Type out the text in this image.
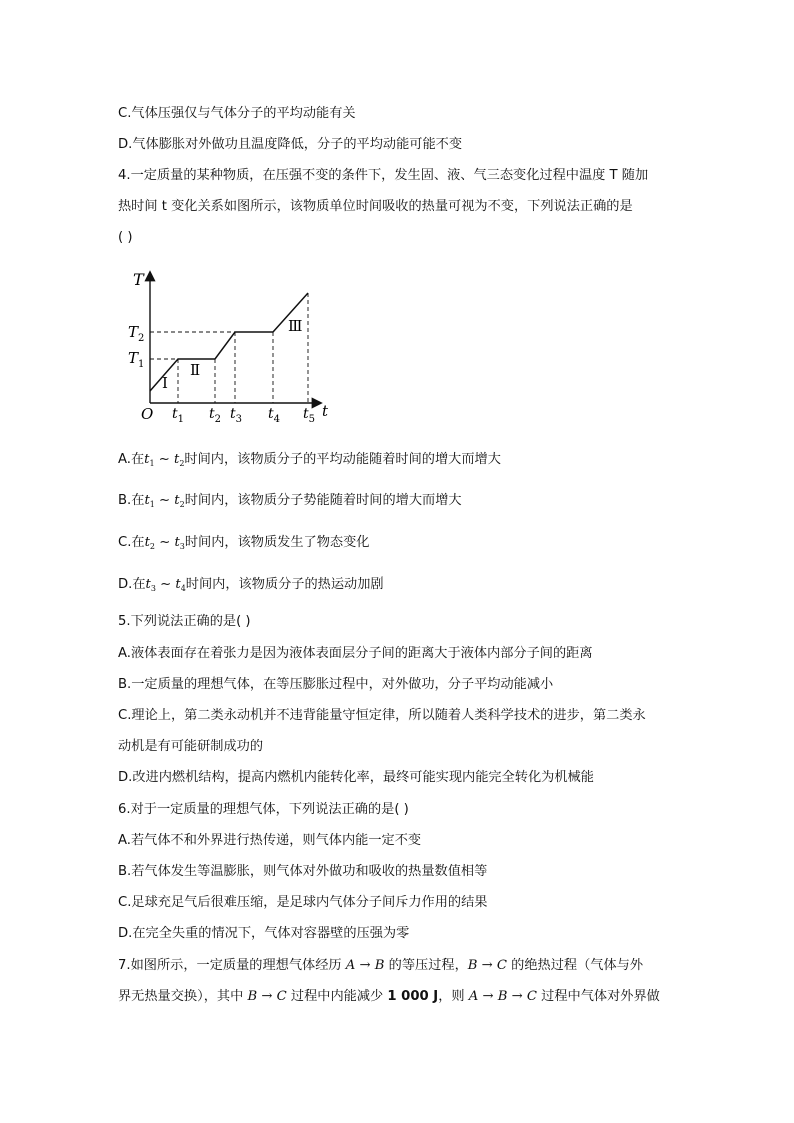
C.气体压强仅与气体分子的平均动能有关
D.气体膨胀对外做功且温度降低，分子的平均动能可能不变
4.一定质量的某种物质，在压强不变的条件下，发生固、液、气三态变化过程中温度 T 随加
热时间 t 变化关系如图所示，该物质单位时间吸收的热量可视为不变，下列说法正确的是
( )
T
t
O
$T_2$
$T_1$
$t_1$ $t_2$ $t_3$ $t_4$ $t_5$
Ⅰ
Ⅱ
Ⅲ
A.在$t_1$ ~ $t_2$时间内，该物质分子的平均动能随着时间的增大而增大
B.在$t_1$ ~ $t_2$时间内，该物质分子势能随着时间的增大而增大
C.在$t_2$ ~ $t_3$时间内，该物质发生了物态变化
D.在$t_3$ ~ $t_4$时间内，该物质分子的热运动加剧
5.下列说法正确的是( )
A.液体表面存在着张力是因为液体表面层分子间的距离大于液体内部分子间的距离
B.一定质量的理想气体，在等压膨胀过程中，对外做功，分子平均动能减小
C.理论上，第二类永动机并不违背能量守恒定律，所以随着人类科学技术的进步，第二类永
动机是有可能研制成功的
D.改进内燃机结构，提高内燃机内能转化率，最终可能实现内能完全转化为机械能
6.对于一定质量的理想气体，下列说法正确的是( )
A.若气体不和外界进行热传递，则气体内能一定不变
B.若气体发生等温膨胀，则气体对外做功和吸收的热量数值相等
C.足球充足气后很难压缩，是足球内气体分子间斥力作用的结果
D.在完全失重的情况下，气体对容器壁的压强为零
7.如图所示，一定质量的理想气体经历 A → B 的等压过程，B → C 的绝热过程（气体与外
界无热量交换），其中 B → C 过程中内能减少 1 000 J，则 A → B → C 过程中气体对外界做
